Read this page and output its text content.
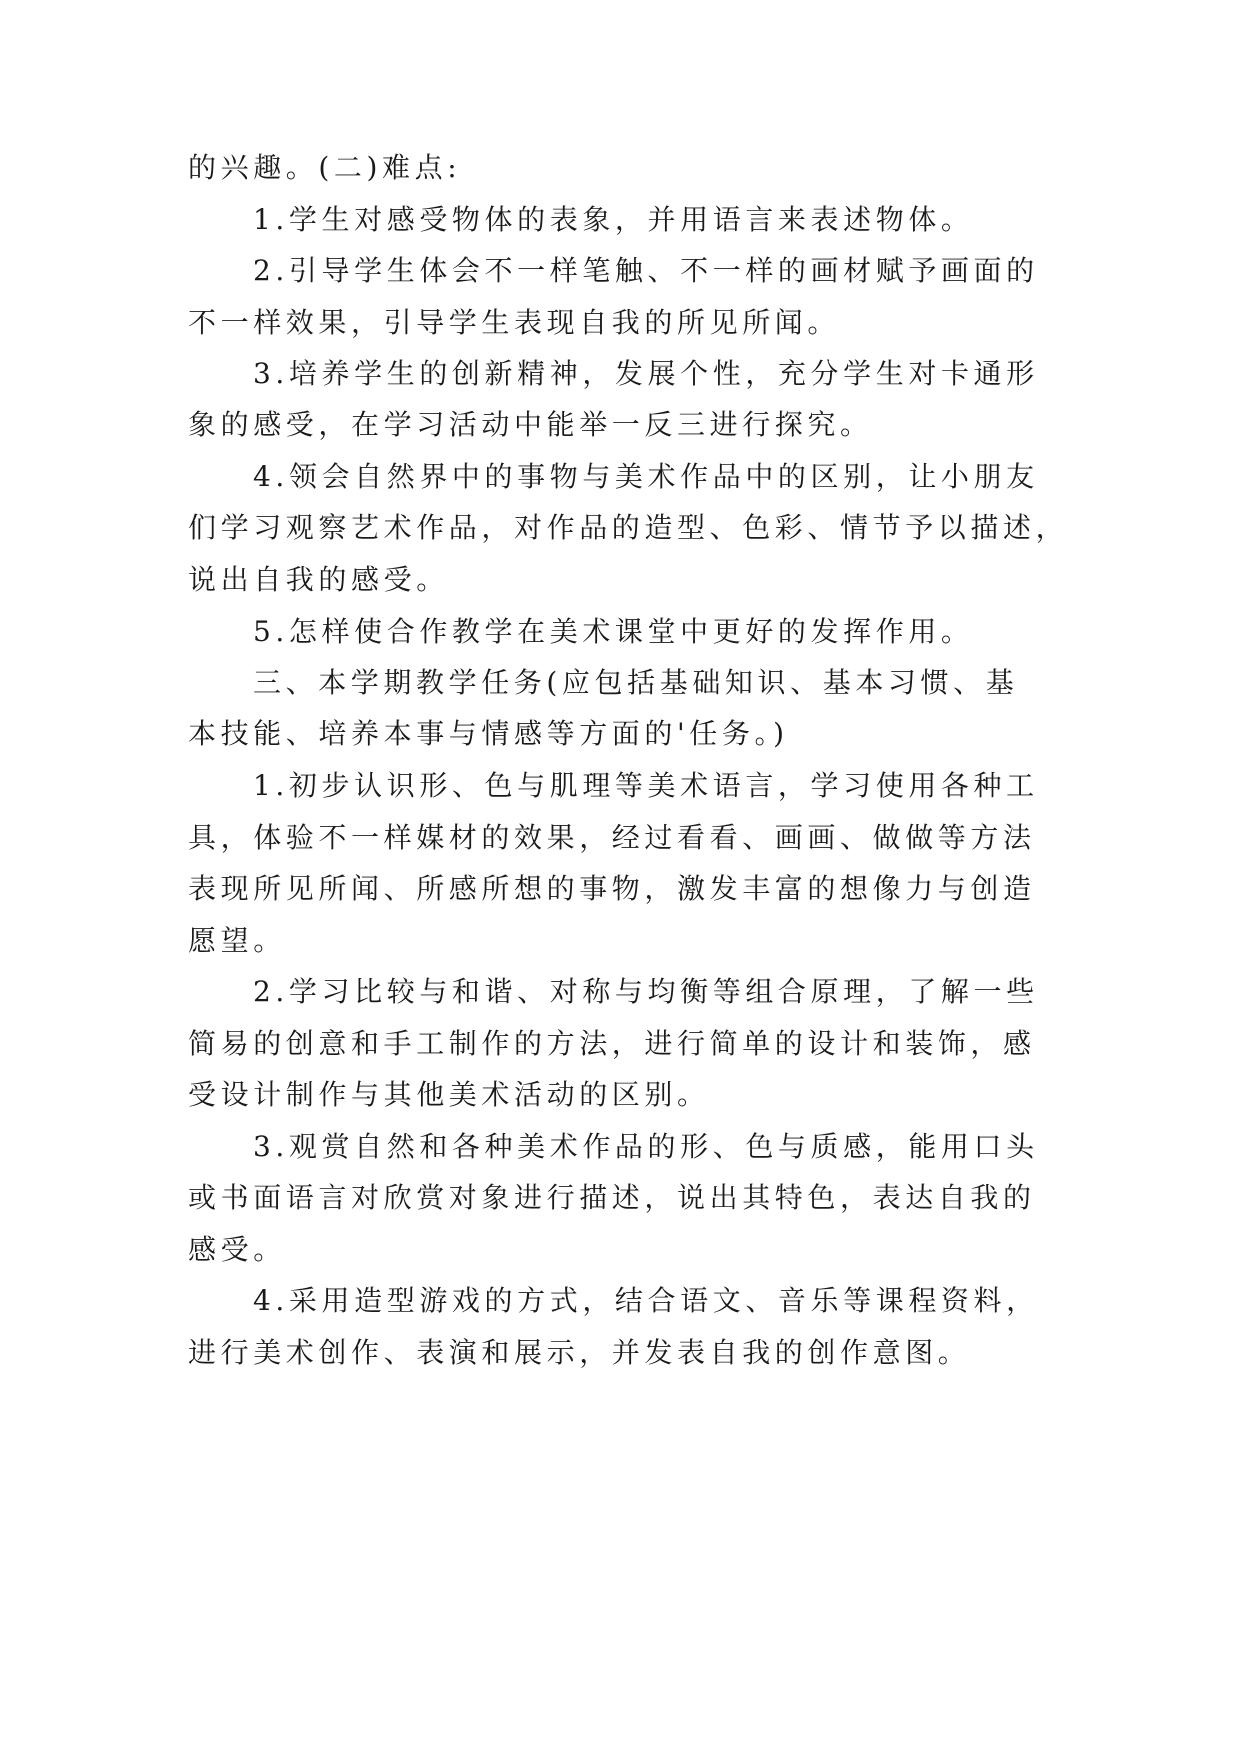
的兴趣。(二)难点:
1.学生对感受物体的表象，并用语言来表述物体。
2.引导学生体会不一样笔触、不一样的画材赋予画面的
不一样效果，引导学生表现自我的所见所闻。
3.培养学生的创新精神，发展个性，充分学生对卡通形
象的感受，在学习活动中能举一反三进行探究。
4.领会自然界中的事物与美术作品中的区别，让小朋友
们学习观察艺术作品，对作品的造型、色彩、情节予以描述，
说出自我的感受。
5.怎样使合作教学在美术课堂中更好的发挥作用。
三、本学期教学任务(应包括基础知识、基本习惯、基
本技能、培养本事与情感等方面的'任务。)
1.初步认识形、色与肌理等美术语言，学习使用各种工
具，体验不一样媒材的效果，经过看看、画画、做做等方法
表现所见所闻、所感所想的事物，激发丰富的想像力与创造
愿望。
2.学习比较与和谐、对称与均衡等组合原理，了解一些
简易的创意和手工制作的方法，进行简单的设计和装饰，感
受设计制作与其他美术活动的区别。
3.观赏自然和各种美术作品的形、色与质感，能用口头
或书面语言对欣赏对象进行描述，说出其特色，表达自我的
感受。
4.采用造型游戏的方式，结合语文、音乐等课程资料，
进行美术创作、表演和展示，并发表自我的创作意图。
